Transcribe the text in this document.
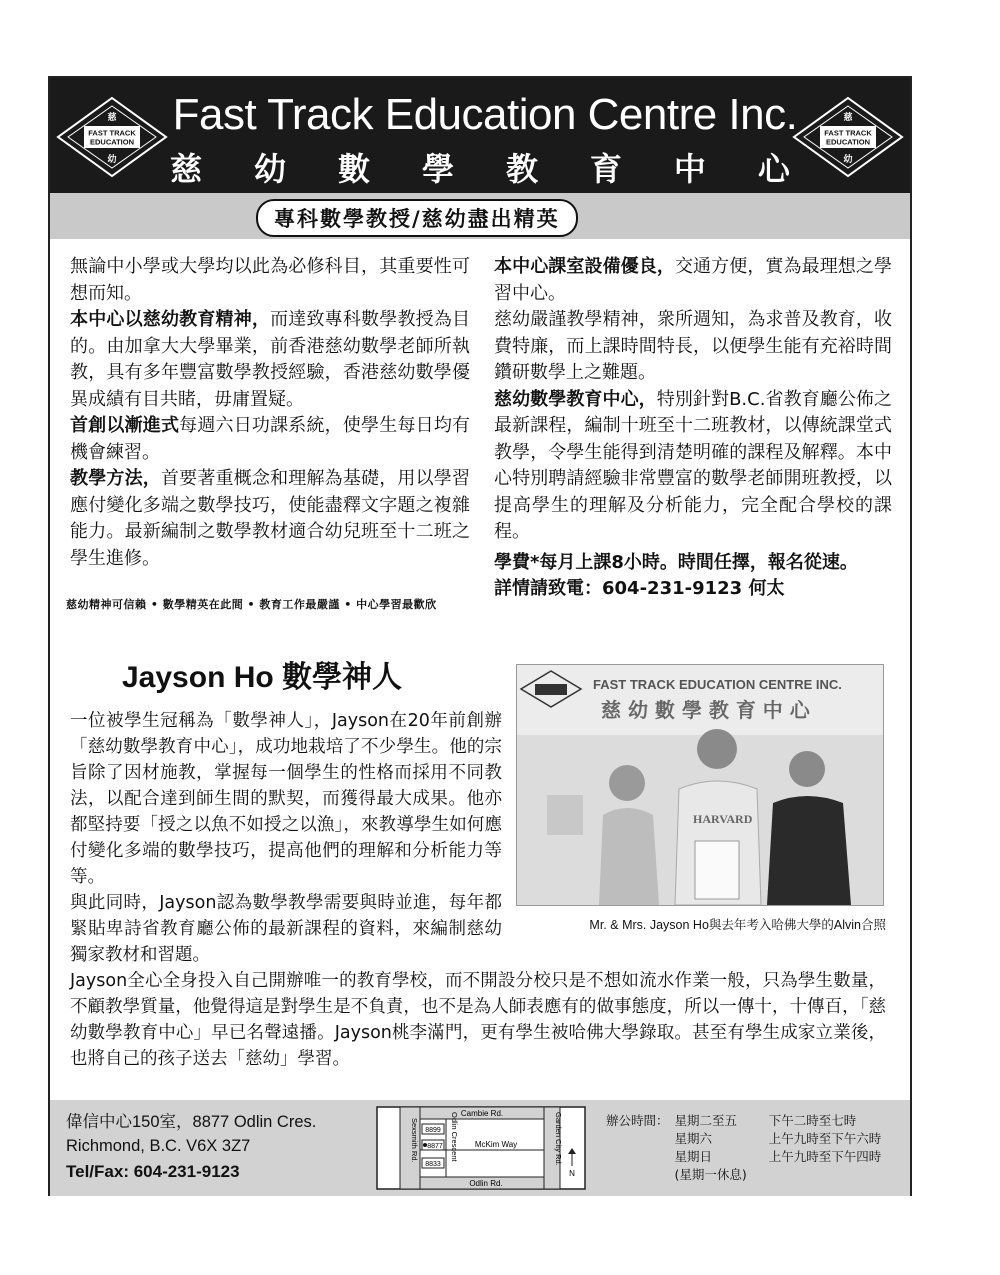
FAST TRACK
EDUCATION
慈
幼
Fast Track Education Centre Inc.
慈 幼 數 學 教 育 中 心
FAST TRACK
EDUCATION
慈
幼
專科數學教授/慈幼盡出精英
無論中小學或大學均以此為必修科目，其重要性可想而知。
本中心以慈幼教育精神，而達致專科數學教授為目的。由加拿大大學畢業，前香港慈幼數學老師所執教，具有多年豐富數學教授經驗，香港慈幼數學優異成績有目共睹，毋庸置疑。
首創以漸進式每週六日功課系統，使學生每日均有機會練習。
教學方法，首要著重概念和理解為基礎，用以學習應付變化多端之數學技巧，使能盡釋文字題之複雜能力。最新編制之數學教材適合幼兒班至十二班之學生進修。
慈幼精神可信賴 • 數學精英在此間 • 教育工作最嚴謹 • 中心學習最歡欣
本中心課室設備優良，交通方便，實為最理想之學習中心。
慈幼嚴謹教學精神，衆所週知，為求普及教育，收費特廉，而上課時間特長，以便學生能有充裕時間鑽研數學上之難題。
慈幼數學教育中心，特別針對B.C.省教育廳公佈之最新課程，編制十班至十二班教材，以傳統課堂式教學，令學生能得到清楚明確的課程及解釋。本中心特別聘請經驗非常豐富的數學老師開班教授，以提高學生的理解及分析能力，完全配合學校的課程。
學費*每月上課8小時。時間任擇，報名從速。
詳情請致電：604-231-9123 何太
Jayson Ho 數學神人	FAST TRACK EDUCATION CENTRE INC.
慈 幼 數 學 教 育 中 心
HARVARD
Mr. & Mrs. Jayson Ho與去年考入哈佛大學的Alvin合照

一位被學生冠稱為「數學神人」，Jayson在20年前創辦「慈幼數學教育中心」，成功地栽培了不少學生。他的宗旨除了因材施教，掌握每一個學生的性格而採用不同教法，以配合達到師生間的默契，而獲得最大成果。他亦都堅持要「授之以魚不如授之以漁」，來教導學生如何應付變化多端的數學技巧，提高他們的理解和分析能力等等。

與此同時，Jayson認為數學教學需要與時並進，每年都緊貼卑詩省教育廳公佈的最新課程的資料，來編制慈幼獨家教材和習題。

Jayson全心全身投入自己開辦唯一的教育學校，而不開設分校只是不想如流水作業一般，只為學生數量，不顧教學質量，他覺得這是對學生是不負責，也不是為人師表應有的做事態度，所以一傳十，十傳百，「慈幼數學教育中心」早已名聲遠播。Jayson桃李滿門，更有學生被哈佛大學錄取。甚至有學生成家立業後，也將自己的孩子送去「慈幼」學習。

偉信中心150室，8877 Odlin Cres.
Richmond, B.C. V6X 3Z7
Tel/Fax: 604-231-9123
Cambie Rd.
McKim Way
Odlin Rd.
Sexsmith Rd.	Odlin Crescent	Garden City Rd.
8899
8877
8833
N
辦公時間：	星期二至五	下午二時至七時
	星期六	上午九時至下午六時
	星期日	上午九時至下午四時
	(星期一休息)	
